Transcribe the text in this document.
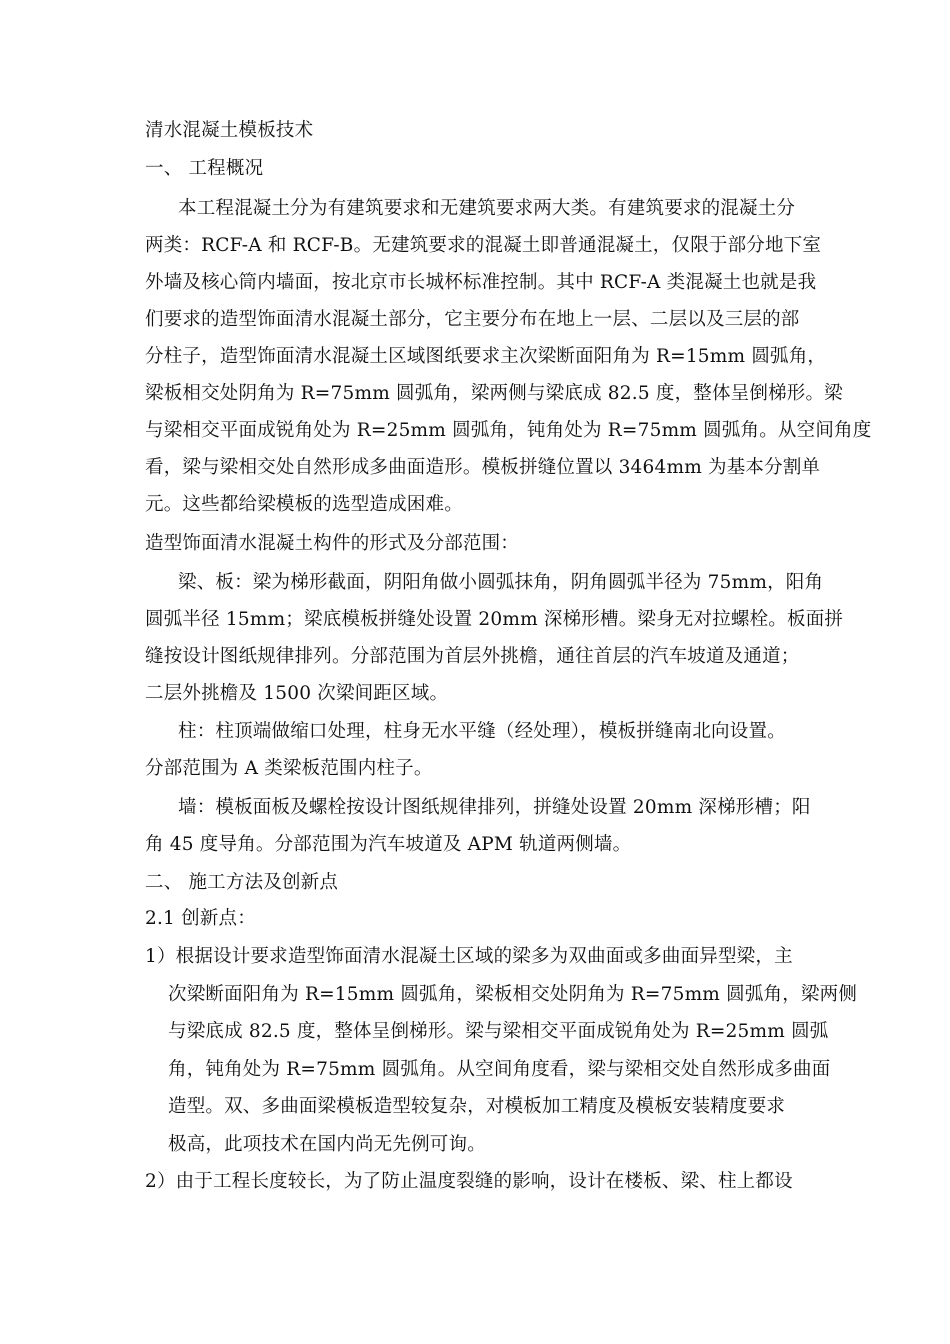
清水混凝土模板技术
一、 工程概况
本工程混凝土分为有建筑要求和无建筑要求两大类。有建筑要求的混凝土分
两类：RCF-A 和 RCF-B。无建筑要求的混凝土即普通混凝土，仅限于部分地下室
外墙及核心筒内墙面，按北京市长城杯标准控制。其中 RCF-A 类混凝土也就是我
们要求的造型饰面清水混凝土部分，它主要分布在地上一层、二层以及三层的部
分柱子，造型饰面清水混凝土区域图纸要求主次梁断面阳角为 R=15mm 圆弧角，
梁板相交处阴角为 R=75mm 圆弧角，梁两侧与梁底成 82.5 度，整体呈倒梯形。梁
与梁相交平面成锐角处为 R=25mm 圆弧角，钝角处为 R=75mm 圆弧角。从空间角度
看，梁与梁相交处自然形成多曲面造形。模板拼缝位置以 3464mm 为基本分割单
元。这些都给梁模板的选型造成困难。
造型饰面清水混凝土构件的形式及分部范围：
梁、板：梁为梯形截面，阴阳角做小圆弧抹角，阴角圆弧半径为 75mm，阳角
圆弧半径 15mm；梁底模板拼缝处设置 20mm 深梯形槽。梁身无对拉螺栓。板面拼
缝按设计图纸规律排列。分部范围为首层外挑檐，通往首层的汽车坡道及通道；
二层外挑檐及 1500 次梁间距区域。
柱：柱顶端做缩口处理，柱身无水平缝（经处理），模板拼缝南北向设置。
分部范围为 A 类梁板范围内柱子。
墙：模板面板及螺栓按设计图纸规律排列，拼缝处设置 20mm 深梯形槽；阳
角 45 度导角。分部范围为汽车坡道及 APM 轨道两侧墙。
二、 施工方法及创新点
2.1 创新点：
1）根据设计要求造型饰面清水混凝土区域的梁多为双曲面或多曲面异型梁，主
次梁断面阳角为 R=15mm 圆弧角，梁板相交处阴角为 R=75mm 圆弧角，梁两侧
与梁底成 82.5 度，整体呈倒梯形。梁与梁相交平面成锐角处为 R=25mm 圆弧
角，钝角处为 R=75mm 圆弧角。从空间角度看，梁与梁相交处自然形成多曲面
造型。双、多曲面梁模板造型较复杂，对模板加工精度及模板安装精度要求
极高，此项技术在国内尚无先例可询。
2）由于工程长度较长，为了防止温度裂缝的影响，设计在楼板、梁、柱上都设
